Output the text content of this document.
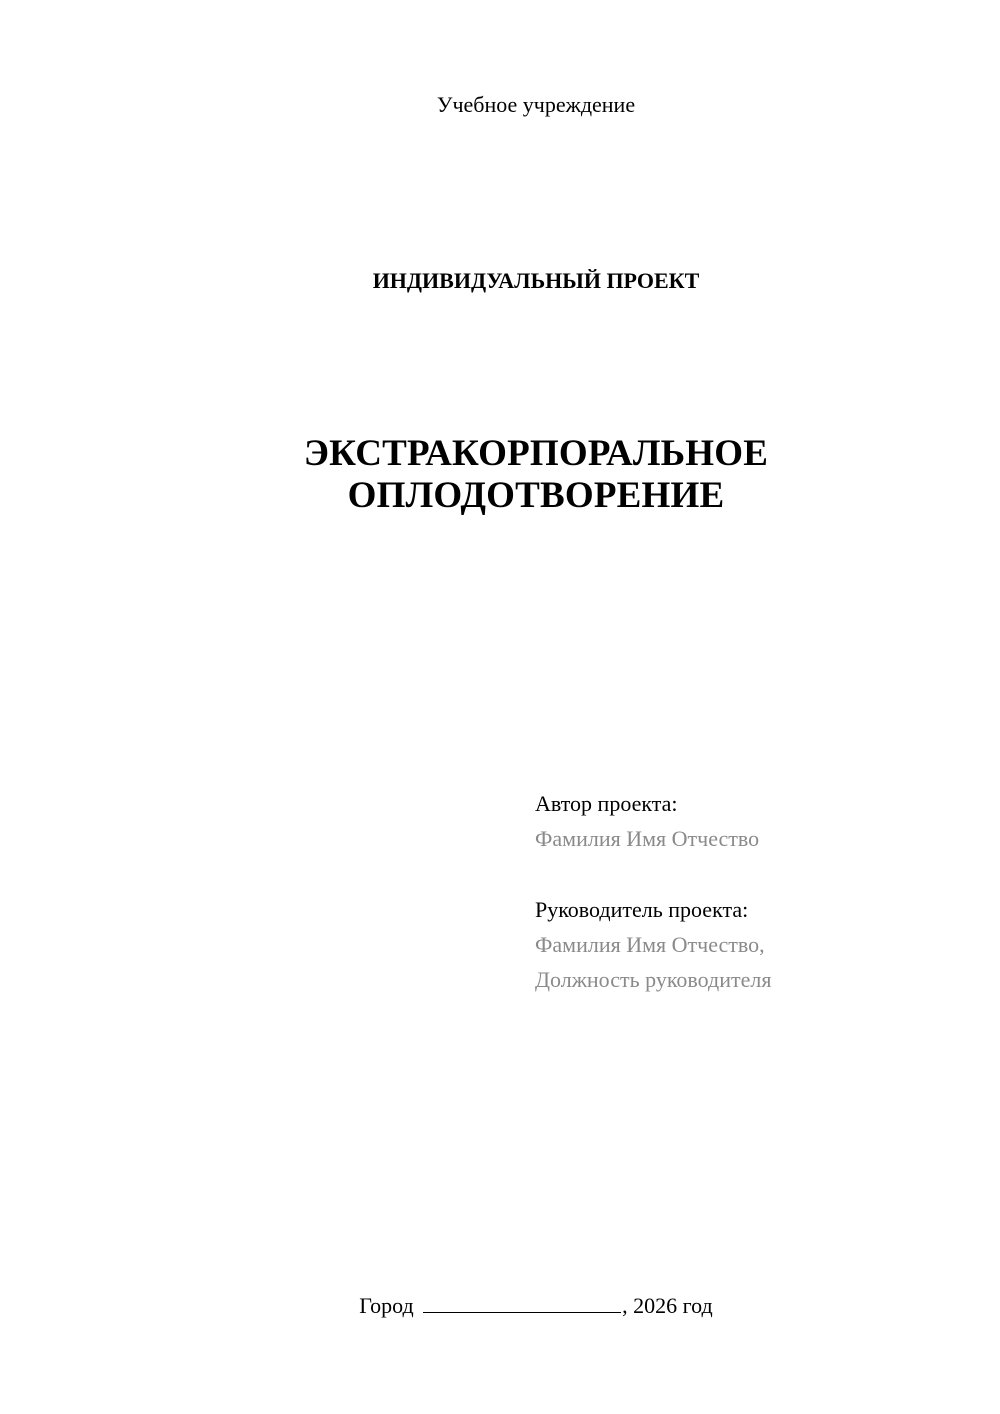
Учебное учреждение
ИНДИВИДУАЛЬНЫЙ ПРОЕКТ
ЭКСТРАКОРПОРАЛЬНОЕ
ОПЛОДОТВОРЕНИЕ
Автор проекта:
Фамилия Имя Отчество
Руководитель проекта:
Фамилия Имя Отчество,
Должность руководителя
Город	, 2026 год
